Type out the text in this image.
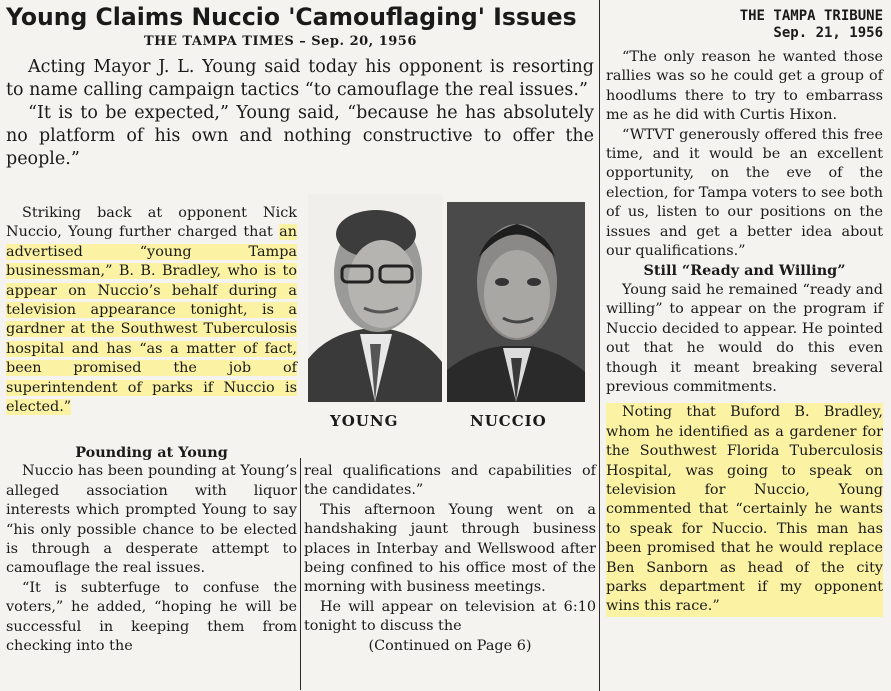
Young Claims Nuccio 'Camouflaging' Issues
THE TAMPA TIMES – Sep. 20, 1956
THE TAMPA TRIBUNE
Sep. 21, 1956

Acting Mayor J. L. Young said today his opponent is resorting to name calling campaign tactics “to camouflage the real issues.”

“It is to be expected,” Young said, “because he has absolutely no platform of his own and nothing constructive to offer the people.”

Striking back at opponent Nick Nuccio, Young further charged that an advertised “young Tampa businessman,” B. B. Bradley, who is to appear on Nuccio’s behalf during a television appearance tonight, is a gardner at the Southwest Tuberculosis hospital and has “as a matter of fact, been promised the job of superintendent of parks if Nuccio is elected.”

YOUNG	NUCCIO

Pounding at Young

Nuccio has been pounding at Young’s alleged association with liquor interests which prompted Young to say “his only possible chance to be elected is through a desperate attempt to camouflage the real issues.

“It is subterfuge to confuse the voters,” he added, “hoping he will be successful in keeping them from checking into the

real qualifications and capabilities of the candidates.”

This afternoon Young went on a handshaking jaunt through business places in Interbay and Wellswood after being confined to his office most of the morning with business meetings.

He will appear on television at 6:10 tonight to discuss the

(Continued on Page 6)

“The only reason he wanted those rallies was so he could get a group of hoodlums there to try to embarrass me as he did with Curtis Hixon.

“WTVT generously offered this free time, and it would be an excellent opportunity, on the eve of the election, for Tampa voters to see both of us, listen to our positions on the issues and get a better idea about our qualifications.”

Still “Ready and Willing”

Young said he remained “ready and willing” to appear on the program if Nuccio decided to appear. He pointed out that he would do this even though it meant breaking several previous commitments.

Noting that Buford B. Bradley, whom he identified as a gardener for the Southwest Florida Tuberculosis Hospital, was going to speak on television for Nuccio, Young commented that “certainly he wants to speak for Nuccio. This man has been promised that he would replace Ben Sanborn as head of the city parks department if my opponent wins this race.”
